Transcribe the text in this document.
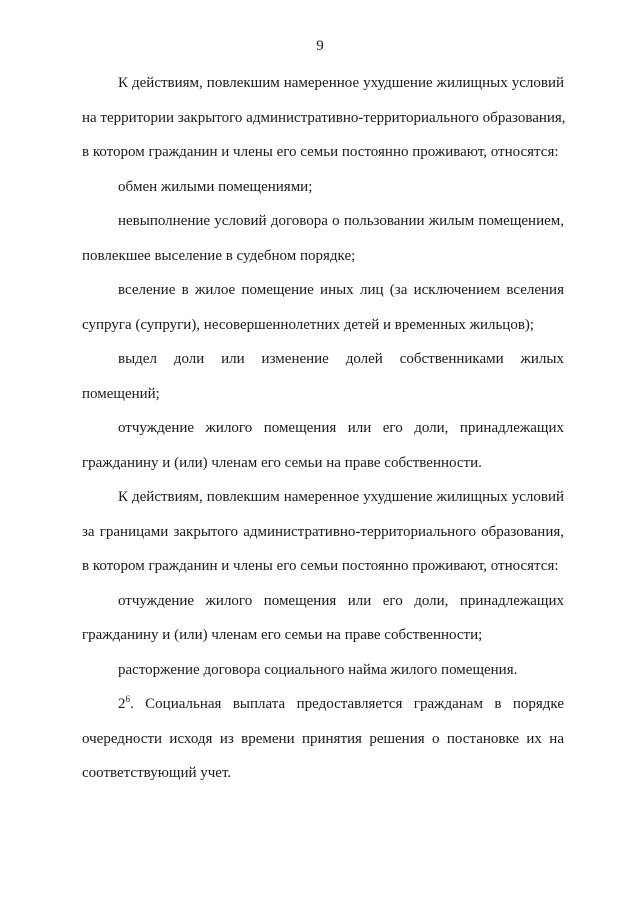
9
К действиям, повлекшим намеренное ухудшение жилищных условий
на территории закрытого административно-территориального образования,
в котором гражданин и члены его семьи постоянно проживают, относятся:
обмен жилыми помещениями;
невыполнение условий договора о пользовании жилым помещением,
повлекшее выселение в судебном порядке;
вселение в жилое помещение иных лиц (за исключением вселения
супруга (супруги), несовершеннолетних детей и временных жильцов);
выдел доли или изменение долей собственниками жилых
помещений;
отчуждение жилого помещения или его доли, принадлежащих
гражданину и (или) членам его семьи на праве собственности.
К действиям, повлекшим намеренное ухудшение жилищных условий
за границами закрытого административно-территориального образования,
в котором гражданин и члены его семьи постоянно проживают, относятся:
отчуждение жилого помещения или его доли, принадлежащих
гражданину и (или) членам его семьи на праве собственности;
расторжение договора социального найма жилого помещения.
$2^6$. Социальная выплата предоставляется гражданам в порядке
очередности исходя из времени принятия решения о постановке их на
соответствующий учет.
